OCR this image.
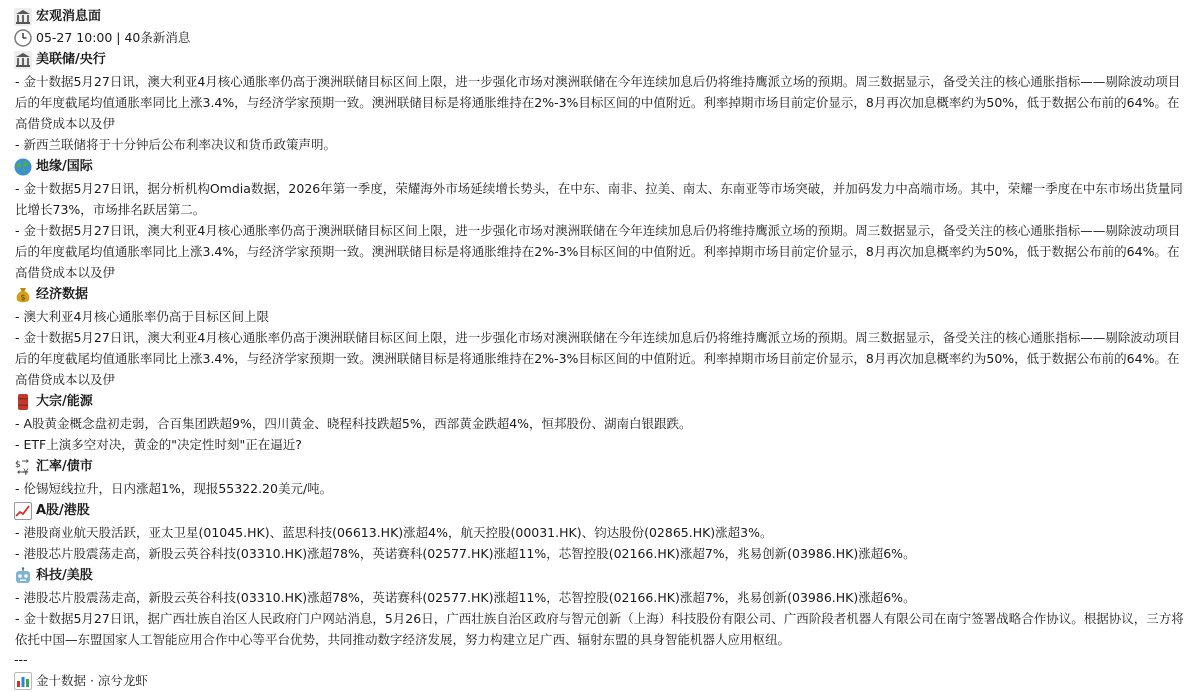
宏观消息面
05-27 10:00 | 40条新消息
美联储/央行
- 金十数据5月27日讯，澳大利亚4月核心通胀率仍高于澳洲联储目标区间上限，进一步强化市场对澳洲联储在今年连续加息后仍将维持鹰派立场的预期。周三数据显示，备受关注的核心通胀指标——剔除波动项目后的年度截尾均值通胀率同比上涨3.4%，与经济学家预期一致。澳洲联储目标是将通胀维持在2%-3%目标区间的中值附近。利率掉期市场目前定价显示，8月再次加息概率约为50%，低于数据公布前的64%。在高借贷成本以及伊
- 新西兰联储将于十分钟后公布利率决议和货币政策声明。
地缘/国际
- 金十数据5月27日讯，据分析机构Omdia数据，2026年第一季度，荣耀海外市场延续增长势头，在中东、南非、拉美、南太、东南亚等市场突破，并加码发力中高端市场。其中，荣耀一季度在中东市场出货量同比增长73%，市场排名跃居第二。
- 金十数据5月27日讯，澳大利亚4月核心通胀率仍高于澳洲联储目标区间上限，进一步强化市场对澳洲联储在今年连续加息后仍将维持鹰派立场的预期。周三数据显示，备受关注的核心通胀指标——剔除波动项目后的年度截尾均值通胀率同比上涨3.4%，与经济学家预期一致。澳洲联储目标是将通胀维持在2%-3%目标区间的中值附近。利率掉期市场目前定价显示，8月再次加息概率约为50%，低于数据公布前的64%。在高借贷成本以及伊
$ 经济数据
- 澳大利亚4月核心通胀率仍高于目标区间上限
- 金十数据5月27日讯，澳大利亚4月核心通胀率仍高于澳洲联储目标区间上限，进一步强化市场对澳洲联储在今年连续加息后仍将维持鹰派立场的预期。周三数据显示，备受关注的核心通胀指标——剔除波动项目后的年度截尾均值通胀率同比上涨3.4%，与经济学家预期一致。澳洲联储目标是将通胀维持在2%-3%目标区间的中值附近。利率掉期市场目前定价显示，8月再次加息概率约为50%，低于数据公布前的64%。在高借贷成本以及伊
大宗/能源
- A股黄金概念盘初走弱，合百集团跌超9%，四川黄金、晓程科技跌超5%，西部黄金跌超4%，恒邦股份、湖南白银跟跌。
- ETF上演多空对决，黄金的"决定性时刻"正在逼近?
$
¥ 汇率/债市
- 伦锡短线拉升，日内涨超1%，现报55322.20美元/吨。
A股/港股
- 港股商业航天股活跃，亚太卫星(01045.HK)、蓝思科技(06613.HK)涨超4%，航天控股(00031.HK)、钧达股份(02865.HK)涨超3%。
- 港股芯片股震荡走高，新股云英谷科技(03310.HK)涨超78%，英诺赛科(02577.HK)涨超11%，芯智控股(02166.HK)涨超7%，兆易创新(03986.HK)涨超6%。
科技/美股
- 港股芯片股震荡走高，新股云英谷科技(03310.HK)涨超78%，英诺赛科(02577.HK)涨超11%，芯智控股(02166.HK)涨超7%，兆易创新(03986.HK)涨超6%。
- 金十数据5月27日讯，据广西壮族自治区人民政府门户网站消息，5月26日，广西壮族自治区政府与智元创新（上海）科技股份有限公司、广西阶段者机器人有限公司在南宁签署战略合作协议。根据协议，三方将依托中国—东盟国家人工智能应用合作中心等平台优势，共同推动数字经济发展，努力构建立足广西、辐射东盟的具身智能机器人应用枢纽。
---
金十数据 · 凉兮龙虾
